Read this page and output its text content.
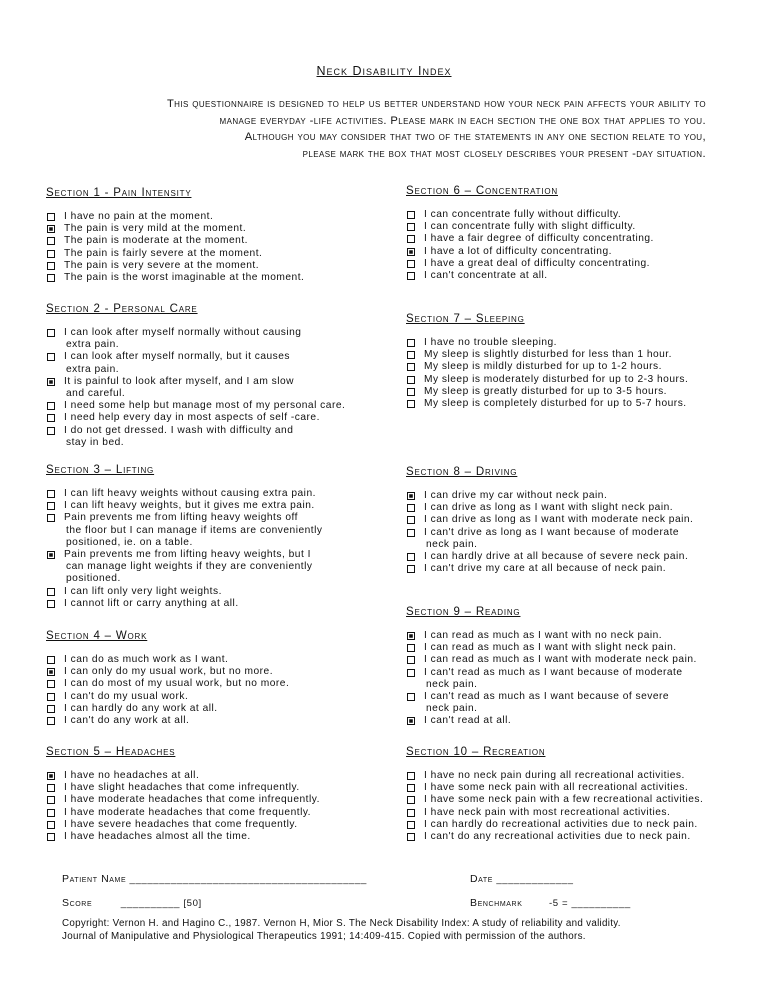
Neck Disability Index
This questionnaire is designed to help us better understand how your neck pain affects your ability to
manage everyday -life activities. Please mark in each section the one box that applies to you.
Although you may consider that two of the statements in any one section relate to you,
please mark the box that most closely describes your present -day situation.
Section 1 - Pain Intensity
I have no pain at the moment.
The pain is very mild at the moment.
The pain is moderate at the moment.
The pain is fairly severe at the moment.
The pain is very severe at the moment.
The pain is the worst imaginable at the moment.
Section 2 - Personal Care
I can look after myself normally without causing
extra pain.
I can look after myself normally, but it causes
extra pain.
It is painful to look after myself, and I am slow
and careful.
I need some help but manage most of my personal care.
I need help every day in most aspects of self -care.
I do not get dressed. I wash with difficulty and
stay in bed.
Section 3 – Lifting
I can lift heavy weights without causing extra pain.
I can lift heavy weights, but it gives me extra pain.
Pain prevents me from lifting heavy weights off
the floor but I can manage if items are conveniently
positioned, ie. on a table.
Pain prevents me from lifting heavy weights, but I
can manage light weights if they are conveniently
positioned.
I can lift only very light weights.
I cannot lift or carry anything at all.
Section 4 – Work
I can do as much work as I want.
I can only do my usual work, but no more.
I can do most of my usual work, but no more.
I can't do my usual work.
I can hardly do any work at all.
I can't do any work at all.
Section 5 – Headaches
I have no headaches at all.
I have slight headaches that come infrequently.
I have moderate headaches that come infrequently.
I have moderate headaches that come frequently.
I have severe headaches that come frequently.
I have headaches almost all the time.
Section 6 – Concentration
I can concentrate fully without difficulty.
I can concentrate fully with slight difficulty.
I have a fair degree of difficulty concentrating.
I have a lot of difficulty concentrating.
I have a great deal of difficulty concentrating.
I can't concentrate at all.
Section 7 – Sleeping
I have no trouble sleeping.
My sleep is slightly disturbed for less than 1 hour.
My sleep is mildly disturbed for up to 1-2 hours.
My sleep is moderately disturbed for up to 2-3 hours.
My sleep is greatly disturbed for up to 3-5 hours.
My sleep is completely disturbed for up to 5-7 hours.
Section 8 – Driving
I can drive my car without neck pain.
I can drive as long as I want with slight neck pain.
I can drive as long as I want with moderate neck pain.
I can't drive as long as I want because of moderate
neck pain.
I can hardly drive at all because of severe neck pain.
I can't drive my care at all because of neck pain.
Section 9 – Reading
I can read as much as I want with no neck pain.
I can read as much as I want with slight neck pain.
I can read as much as I want with moderate neck pain.
I can't read as much as I want because of moderate
neck pain.
I can't read as much as I want because of severe
neck pain.
I can't read at all.
Section 10 – Recreation
I have no neck pain during all recreational activities.
I have some neck pain with all recreational activities.
I have some neck pain with a few recreational activities.
I have neck pain with most recreational activities.
I can hardly do recreational activities due to neck pain.
I can't do any recreational activities due to neck pain.
Patient Name ________________________________________	Date _____________
Score	__________ [50]	Benchmark	-5 = __________
Copyright: Vernon H. and Hagino C., 1987. Vernon H, Mior S. The Neck Disability Index: A study of reliability and validity.
Journal of Manipulative and Physiological Therapeutics 1991; 14:409-415. Copied with permission of the authors.
